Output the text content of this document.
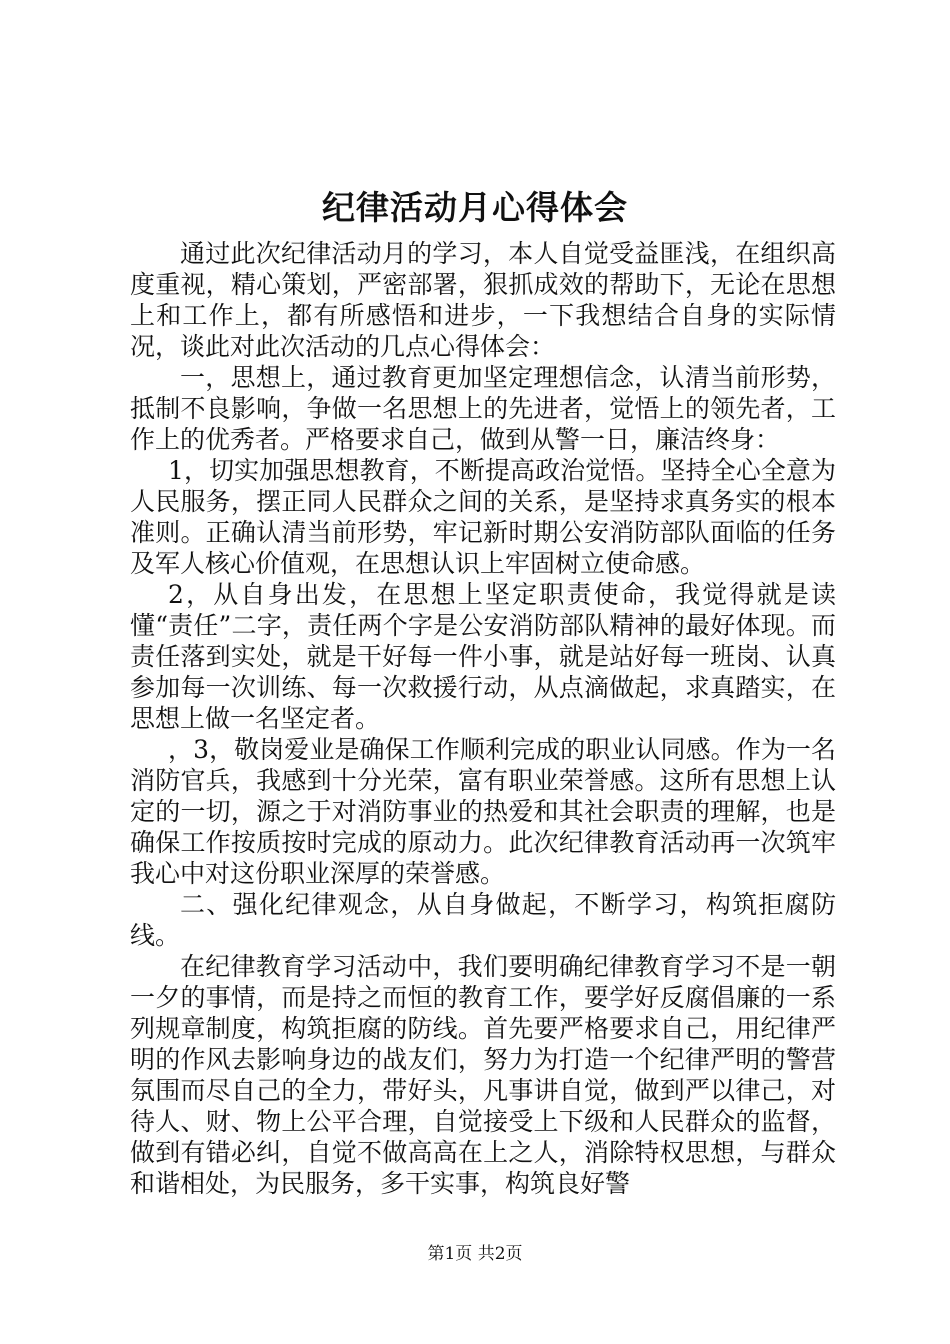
纪律活动月心得体会

通过此次纪律活动月的学习，本人自觉受益匪浅，在组织高度重视，精心策划，严密部署，狠抓成效的帮助下，无论在思想上和工作上，都有所感悟和进步，一下我想结合自身的实际情况，谈此对此次活动的几点心得体会：

一，思想上，通过教育更加坚定理想信念，认清当前形势，抵制不良影响，争做一名思想上的先进者，觉悟上的领先者，工作上的优秀者。严格要求自己，做到从警一日，廉洁终身：

1，切实加强思想教育，不断提高政治觉悟。坚持全心全意为人民服务，摆正同人民群众之间的关系，是坚持求真务实的根本准则。正确认清当前形势，牢记新时期公安消防部队面临的任务及军人核心价值观，在思想认识上牢固树立使命感。

2，从自身出发，在思想上坚定职责使命，我觉得就是读懂“责任”二字，责任两个字是公安消防部队精神的最好体现。而责任落到实处，就是干好每一件小事，就是站好每一班岗、认真参加每一次训练、每一次救援行动，从点滴做起，求真踏实，在思想上做一名坚定者。

，3，敬岗爱业是确保工作顺利完成的职业认同感。作为一名消防官兵，我感到十分光荣，富有职业荣誉感。这所有思想上认定的一切，源之于对消防事业的热爱和其社会职责的理解，也是确保工作按质按时完成的原动力。此次纪律教育活动再一次筑牢我心中对这份职业深厚的荣誉感。

二、强化纪律观念，从自身做起，不断学习，构筑拒腐防线。

在纪律教育学习活动中，我们要明确纪律教育学习不是一朝一夕的事情，而是持之而恒的教育工作，要学好反腐倡廉的一系列规章制度，构筑拒腐的防线。首先要严格要求自己，用纪律严明的作风去影响身边的战友们，努力为打造一个纪律严明的警营氛围而尽自己的全力，带好头，凡事讲自觉，做到严以律己，对待人、财、物上公平合理，自觉接受上下级和人民群众的监督，做到有错必纠，自觉不做高高在上之人，消除特权思想，与群众和谐相处，为民服务，多干实事，构筑良好警

第1页 共2页
